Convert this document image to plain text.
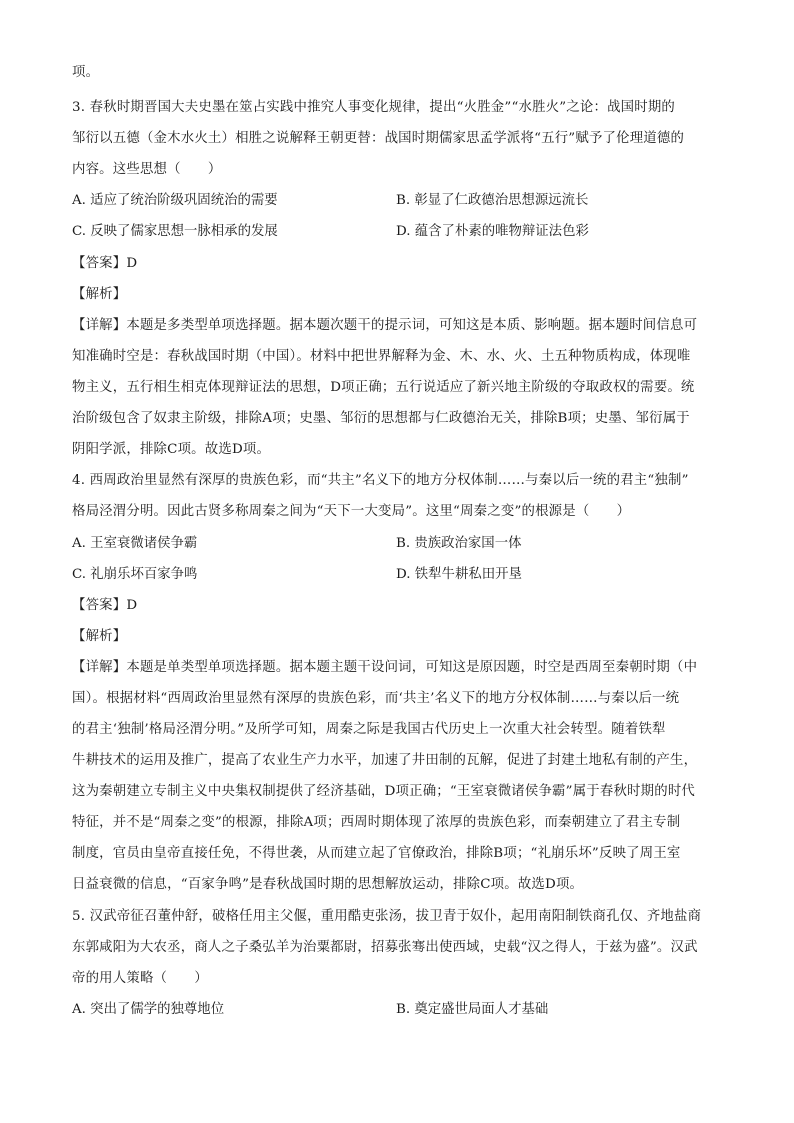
项。
3. 春秋时期晋国大夫史墨在筮占实践中推究人事变化规律，提出“火胜金”“水胜火”之论：战国时期的
邹衍以五德（金木水火土）相胜之说解释王朝更替：战国时期儒家思孟学派将“五行”赋予了伦理道德的
内容。这些思想（　　）
A. 适应了统治阶级巩固统治的需要	B. 彰显了仁政德治思想源远流长
C. 反映了儒家思想一脉相承的发展	D. 蕴含了朴素的唯物辩证法色彩
【答案】D
【解析】
【详解】本题是多类型单项选择题。据本题次题干的提示词，可知这是本质、影响题。据本题时间信息可
知准确时空是：春秋战国时期（中国）。材料中把世界解释为金、木、水、火、土五种物质构成，体现唯
物主义，五行相生相克体现辩证法的思想，D项正确；五行说适应了新兴地主阶级的夺取政权的需要。统
治阶级包含了奴隶主阶级，排除A项；史墨、邹衍的思想都与仁政德治无关，排除B项；史墨、邹衍属于
阴阳学派，排除C项。故选D项。
4. 西周政治里显然有深厚的贵族色彩，而“共主”名义下的地方分权体制……与秦以后一统的君主“独制”
格局泾渭分明。因此古贤多称周秦之间为“天下一大变局”。这里“周秦之变”的根源是（　　）
A. 王室衰微诸侯争霸	B. 贵族政治家国一体
C. 礼崩乐坏百家争鸣	D. 铁犁牛耕私田开垦
【答案】D
【解析】
【详解】本题是单类型单项选择题。据本题主题干设问词，可知这是原因题，时空是西周至秦朝时期（中
国）。根据材料“西周政治里显然有深厚的贵族色彩，而‘共主’名义下的地方分权体制……与秦以后一统
的君主‘独制’格局泾渭分明。”及所学可知，周秦之际是我国古代历史上一次重大社会转型。随着铁犁
牛耕技术的运用及推广，提高了农业生产力水平，加速了井田制的瓦解，促进了封建土地私有制的产生，
这为秦朝建立专制主义中央集权制提供了经济基础，D项正确；“王室衰微诸侯争霸”属于春秋时期的时代
特征，并不是“周秦之变”的根源，排除A项；西周时期体现了浓厚的贵族色彩，而秦朝建立了君主专制
制度，官员由皇帝直接任免，不得世袭，从而建立起了官僚政治，排除B项；“礼崩乐坏”反映了周王室
日益衰微的信息，“百家争鸣”是春秋战国时期的思想解放运动，排除C项。故选D项。
5. 汉武帝征召董仲舒，破格任用主父偃，重用酷吏张汤，拔卫青于奴仆，起用南阳制铁商孔仅、齐地盐商
东郭咸阳为大农丞，商人之子桑弘羊为治粟都尉，招募张骞出使西域，史载“汉之得人，于兹为盛”。汉武
帝的用人策略（　　）
A. 突出了儒学的独尊地位	B. 奠定盛世局面人才基础
